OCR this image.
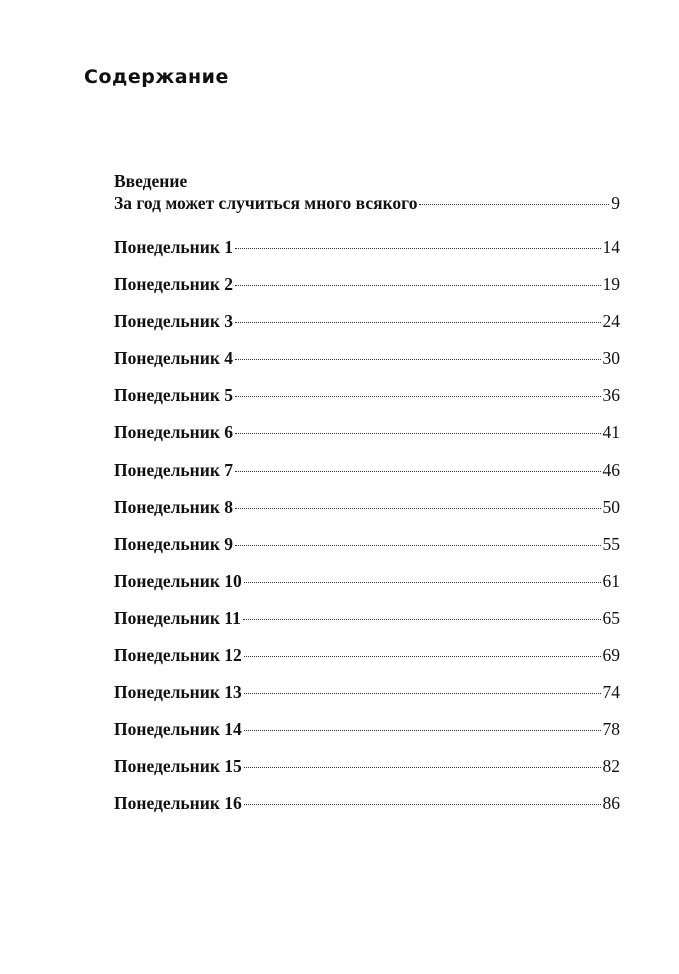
Содержание
Введение
За год может случиться много всякого	9
Понедельник 1	14
Понедельник 2	19
Понедельник 3	24
Понедельник 4	30
Понедельник 5	36
Понедельник 6	41
Понедельник 7	46
Понедельник 8	50
Понедельник 9	55
Понедельник 10	61
Понедельник 11	65
Понедельник 12	69
Понедельник 13	74
Понедельник 14	78
Понедельник 15	82
Понедельник 16	86
